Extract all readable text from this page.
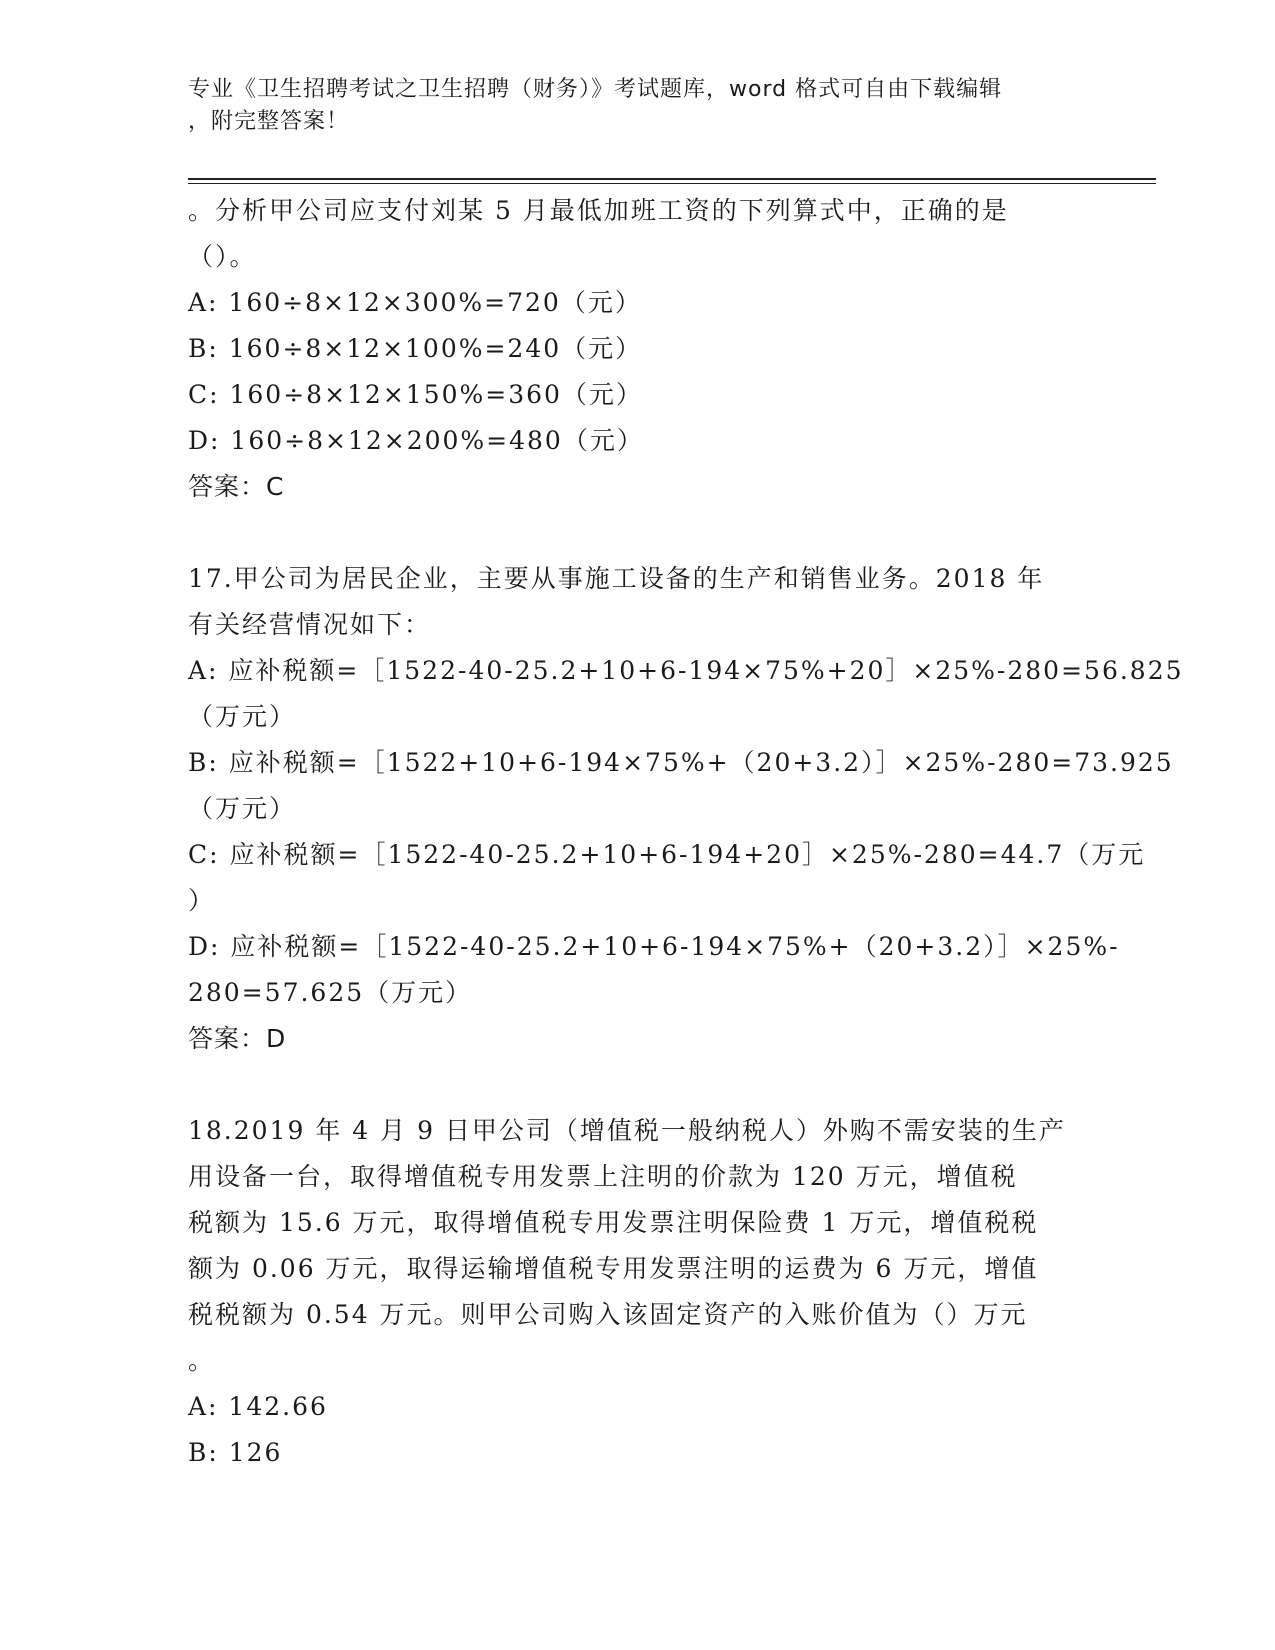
专业《卫生招聘考试之卫生招聘（财务）》考试题库，word 格式可自由下载编辑
，附完整答案！
。分析甲公司应支付刘某 5 月最低加班工资的下列算式中，正确的是
（）。
A: 160÷8×12×300%=720（元）
B: 160÷8×12×100%=240（元）
C: 160÷8×12×150%=360（元）
D: 160÷8×12×200%=480（元）
答案：C
17.甲公司为居民企业，主要从事施工设备的生产和销售业务。2018 年
有关经营情况如下：
A: 应补税额=［1522-40-25.2+10+6-194×75%+20］×25%-280=56.825
（万元）
B: 应补税额=［1522+10+6-194×75%+（20+3.2）］×25%-280=73.925
（万元）
C: 应补税额=［1522-40-25.2+10+6-194+20］×25%-280=44.7（万元
）
D: 应补税额=［1522-40-25.2+10+6-194×75%+（20+3.2）］×25%-
280=57.625（万元）
答案：D
18.2019 年 4 月 9 日甲公司（增值税一般纳税人）外购不需安装的生产
用设备一台，取得增值税专用发票上注明的价款为 120 万元，增值税
税额为 15.6 万元，取得增值税专用发票注明保险费 1 万元，增值税税
额为 0.06 万元，取得运输增值税专用发票注明的运费为 6 万元，增值
税税额为 0.54 万元。则甲公司购入该固定资产的入账价值为（）万元
。
A: 142.66
B: 126
